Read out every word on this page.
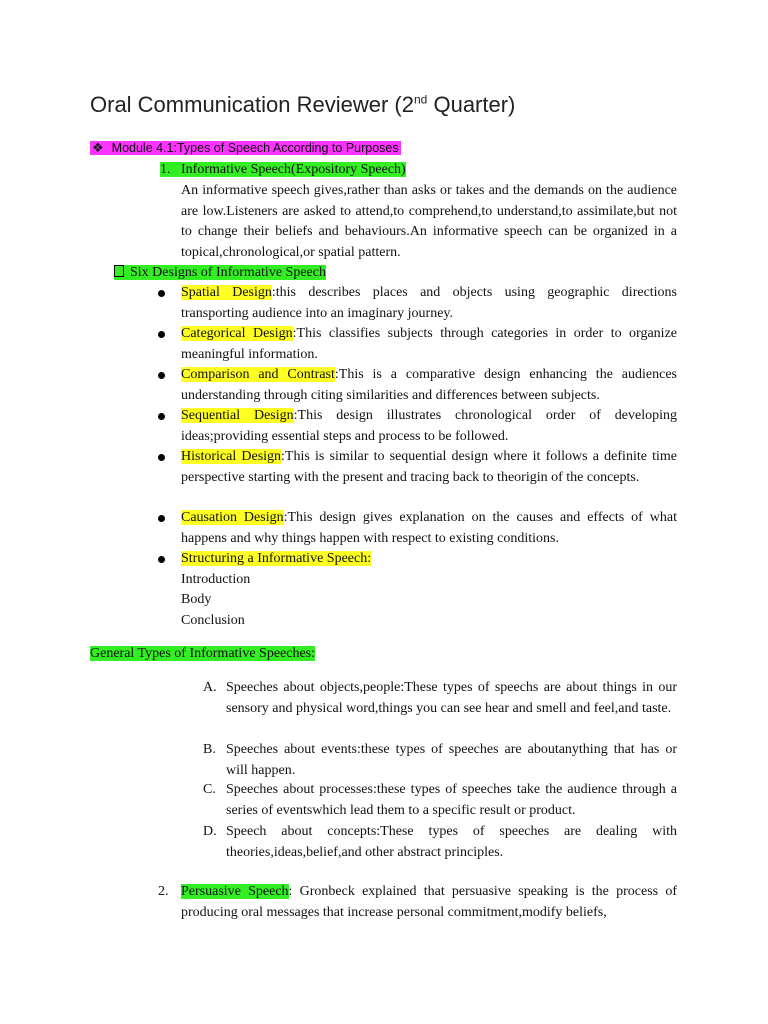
Oral Communication Reviewer (2nd Quarter)
❖ Module 4.1:Types of Speech According to Purposes
1. Informative Speech(Expository Speech)
An informative speech gives,rather than asks or takes and the demands on the audience are low.Listeners are asked to attend,to comprehend,to understand,to assimilate,but not to change their beliefs and behaviours.An informative speech can be organized in a topical,chronological,or spatial pattern.
Six Designs of Informative Speech
Spatial Design:this describes places and objects using geographic directions transporting audience into an imaginary journey.
Categorical Design:This classifies subjects through categories in order to organize meaningful information.
Comparison and Contrast:This is a comparative design enhancing the audiences understanding through citing similarities and differences between subjects.
Sequential Design:This design illustrates chronological order of developing ideas;providing essential steps and process to be followed.
Historical Design:This is similar to sequential design where it follows a definite time perspective starting with the present and tracing back to theorigin of the concepts.
Causation Design:This design gives explanation on the causes and effects of what happens and why things happen with respect to existing conditions.
Structuring a Informative Speech:
Introduction
Body
Conclusion
General Types of Informative Speeches:
A. Speeches about objects,people:These types of speechs are about things in our sensory and physical word,things you can see hear and smell and feel,and taste.
B. Speeches about events:these types of speeches are aboutanything that has or will happen.
C. Speeches about processes:these types of speeches take the audience through a series of eventswhich lead them to a specific result or product.
D. Speech about concepts:These types of speeches are dealing with theories,ideas,belief,and other abstract principles.
2. Persuasive Speech: Gronbeck explained that persuasive speaking is the process of producing oral messages that increase personal commitment,modify beliefs,
